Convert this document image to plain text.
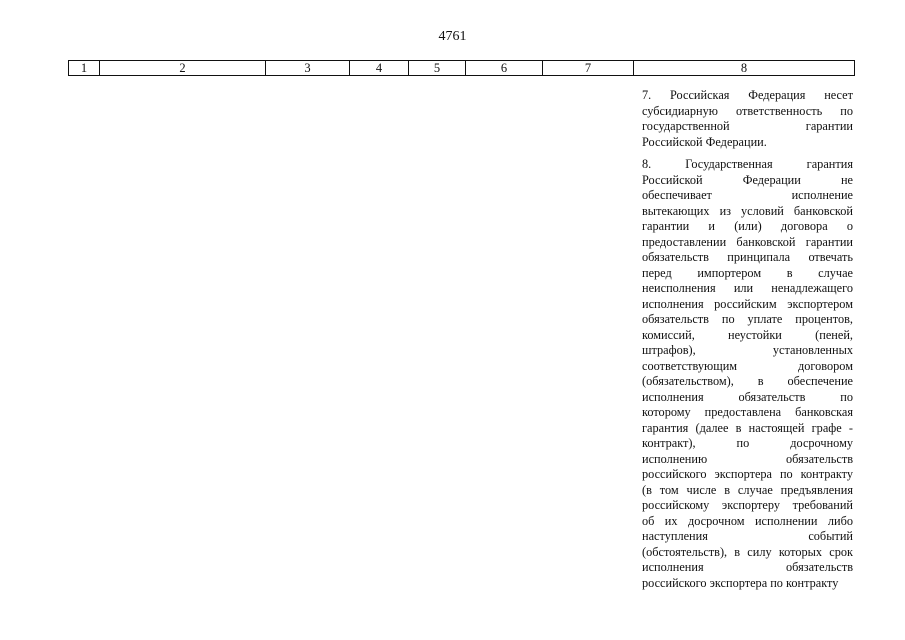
4761
1	2	3	4	5	6	7	8
7. Российская Федерация несет
субсидиарную ответственность по
государственной гарантии
Российской Федерации.
8. Государственная гарантия
Российской Федерации не
обеспечивает исполнение
вытекающих из условий банковской
гарантии и (или) договора о
предоставлении банковской гарантии
обязательств принципала отвечать
перед импортером в случае
неисполнения или ненадлежащего
исполнения российским экспортером
обязательств по уплате процентов,
комиссий, неустойки (пеней,
штрафов), установленных
соответствующим договором
(обязательством), в обеспечение
исполнения обязательств по
которому предоставлена банковская
гарантия (далее в настоящей графе -
контракт), по досрочному
исполнению обязательств
российского экспортера по контракту
(в том числе в случае предъявления
российскому экспортеру требований
об их досрочном исполнении либо
наступления событий
(обстоятельств), в силу которых срок
исполнения обязательств
российского экспортера по контракту
